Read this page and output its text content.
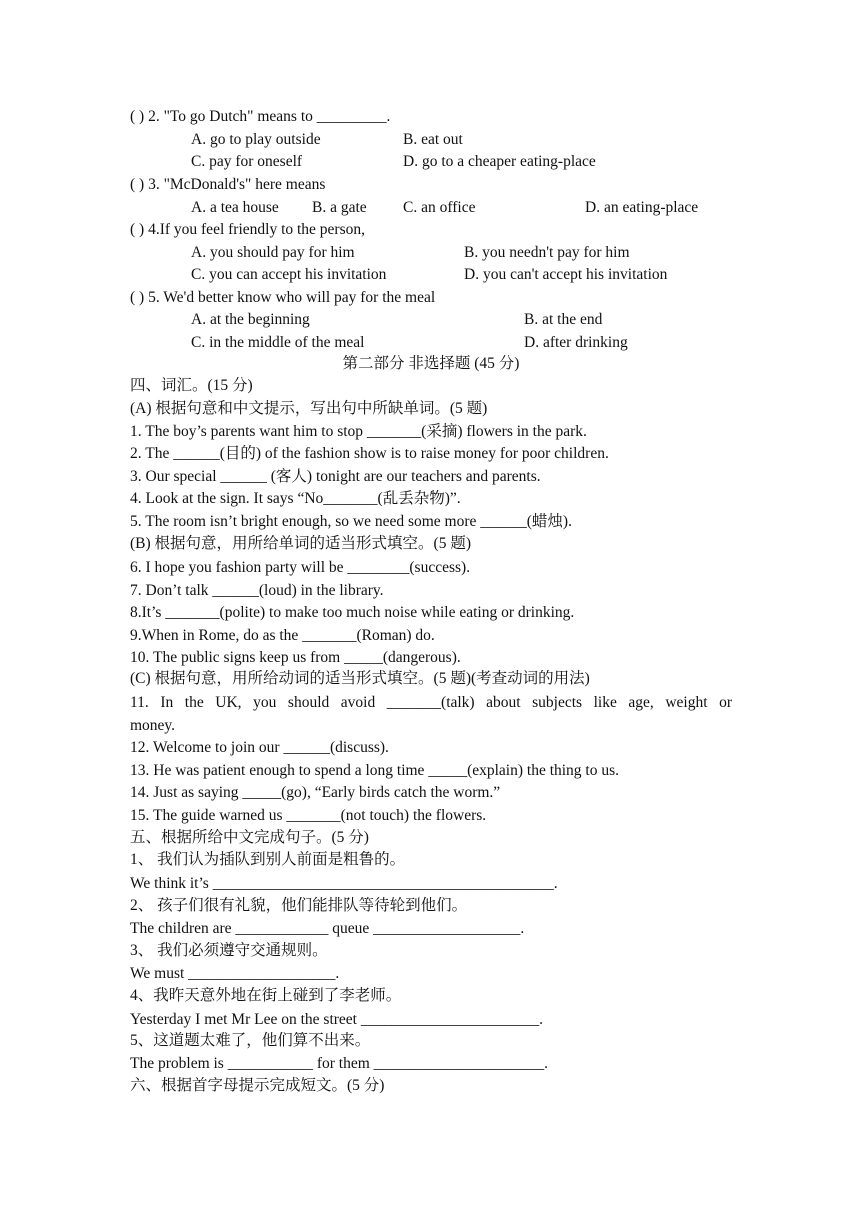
( ) 2. "To go Dutch" means to _________.
A. go to play outside	B. eat out
C. pay for oneself	D. go to a cheaper eating-place
( ) 3. "McDonald's" here means
A. a tea house B. a gate C. an office	D. an eating-place
( ) 4.If you feel friendly to the person,
A. you should pay for him	B. you needn't pay for him
C. you can accept his invitation	D. you can't accept his invitation
( ) 5. We'd better know who will pay for the meal
A. at the beginning	B. at the end
C. in the middle of the meal	D. after drinking
第二部分 非选择题 (45 分)
四、词汇。(15 分)
(A) 根据句意和中文提示，写出句中所缺单词。(5 题)
1. The boy’s parents want him to stop _______(采摘) flowers in the park.
2. The ______(目的) of the fashion show is to raise money for poor children.
3. Our special ______ (客人) tonight are our teachers and parents.
4. Look at the sign. It says “No_______(乱丢杂物)”.
5. The room isn’t bright enough, so we need some more ______(蜡烛).
(B) 根据句意，用所给单词的适当形式填空。(5 题)
6. I hope you fashion party will be ________(success).
7. Don’t talk ______(loud) in the library.
8.It’s _______(polite) to make too much noise while eating or drinking.
9.When in Rome, do as the _______(Roman) do.
10. The public signs keep us from _____(dangerous).
(C) 根据句意，用所给动词的适当形式填空。(5 题)(考查动词的用法)
11. In the UK, you should avoid _______(talk) about subjects like age, weight or
money.
12. Welcome to join our ______(discuss).
13. He was patient enough to spend a long time _____(explain) the thing to us.
14. Just as saying _____(go), “Early birds catch the worm.”
15. The guide warned us _______(not touch) the flowers.
五、根据所给中文完成句子。(5 分)
1、 我们认为插队到别人前面是粗鲁的。
We think it’s ____________________________________________.
2、 孩子们很有礼貌，他们能排队等待轮到他们。
The children are ____________ queue ___________________.
3、 我们必须遵守交通规则。
We must ___________________.
4、我昨天意外地在街上碰到了李老师。
Yesterday I met Mr Lee on the street _______________________.
5、这道题太难了，他们算不出来。
The problem is ___________ for them ______________________.
六、根据首字母提示完成短文。(5 分)
